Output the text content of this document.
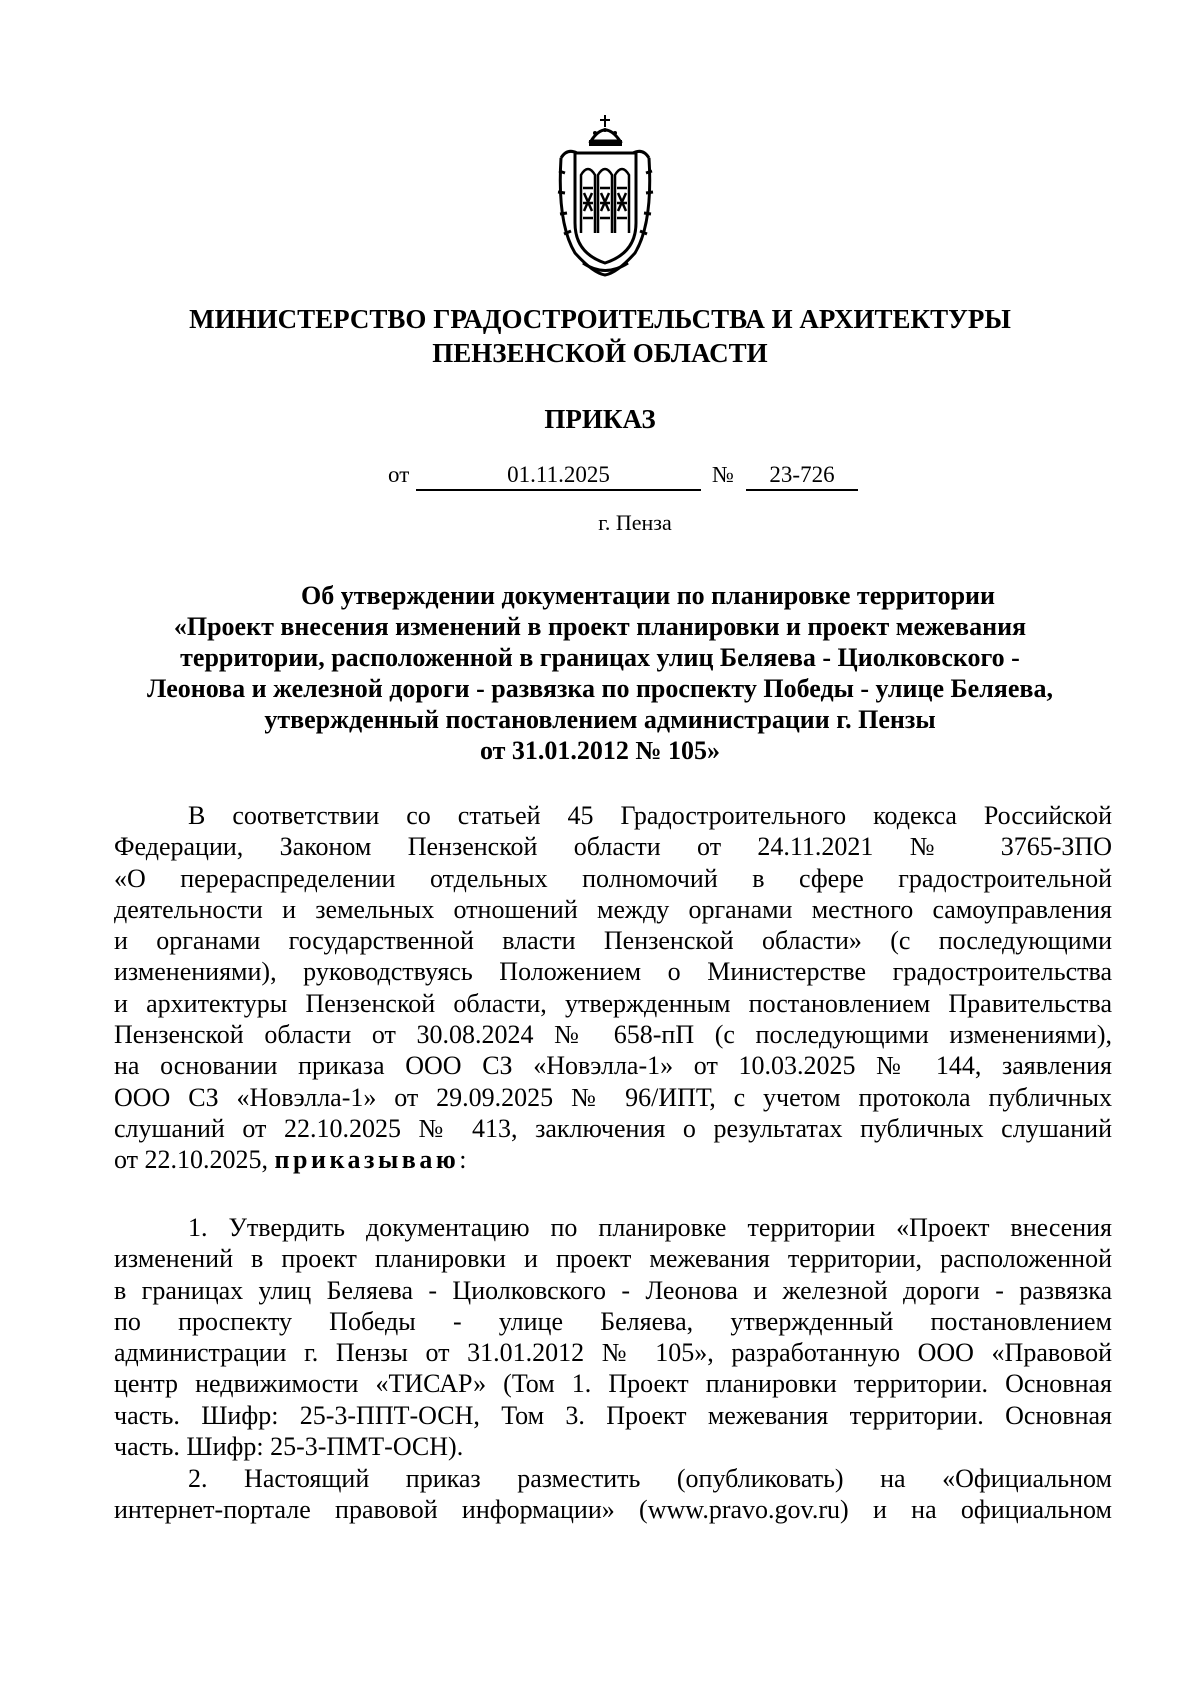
МИНИСТЕРСТВО ГРАДОСТРОИТЕЛЬСТВА И АРХИТЕКТУРЫ
ПЕНЗЕНСКОЙ ОБЛАСТИ
ПРИКАЗ
от	01.11.2025	№	23-726
г. Пенза
Об утверждении документации по планировке территории
«Проект внесения изменений в проект планировки и проект межевания
территории, расположенной в границах улиц Беляева - Циолковского -
Леонова и железной дороги - развязка по проспекту Победы - улице Беляева,
утвержденный постановлением администрации г. Пензы
от 31.01.2012 № 105»
В соответствии со статьей 45 Градостроительного кодекса Российской
Федерации, Законом Пензенской области от 24.11.2021 № 3765-ЗПО
«О перераспределении отдельных полномочий в сфере градостроительной
деятельности и земельных отношений между органами местного самоуправления
и органами государственной власти Пензенской области» (с последующими
изменениями), руководствуясь Положением о Министерстве градостроительства
и архитектуры Пензенской области, утвержденным постановлением Правительства
Пензенской области от 30.08.2024 № 658-пП (с последующими изменениями),
на основании приказа ООО СЗ «Новэлла-1» от 10.03.2025 № 144, заявления
ООО СЗ «Новэлла-1» от 29.09.2025 № 96/ИПТ, с учетом протокола публичных
слушаний от 22.10.2025 № 413, заключения о результатах публичных слушаний
от 22.10.2025, приказываю:
1. Утвердить документацию по планировке территории «Проект внесения
изменений в проект планировки и проект межевания территории, расположенной
в границах улиц Беляева - Циолковского - Леонова и железной дороги - развязка
по проспекту Победы - улице Беляева, утвержденный постановлением
администрации г. Пензы от 31.01.2012 № 105», разработанную ООО «Правовой
центр недвижимости «ТИСАР» (Том 1. Проект планировки территории. Основная
часть. Шифр: 25-3-ППТ-ОСН, Том 3. Проект межевания территории. Основная
часть. Шифр: 25-3-ПМТ-ОСН).
2. Настоящий приказ разместить (опубликовать) на «Официальном
интернет-портале правовой информации» (www.pravo.gov.ru) и на официальном
